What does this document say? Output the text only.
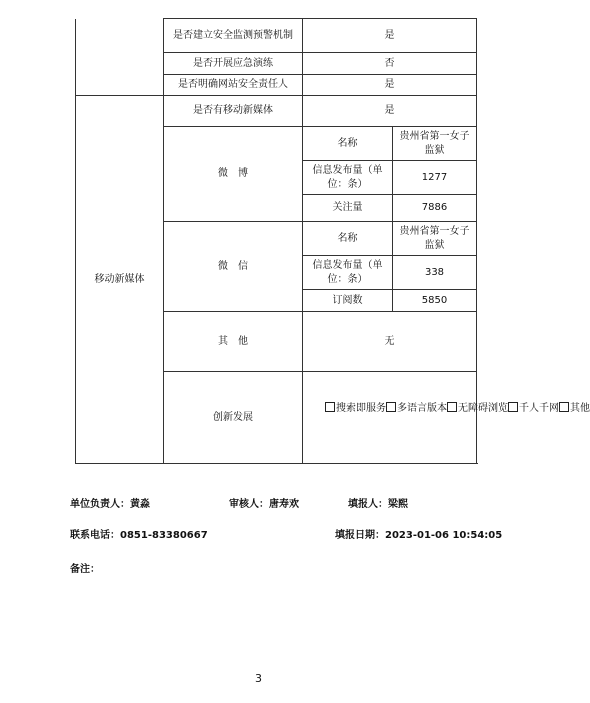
	是否建立安全监测预警机制	是	
	是否开展应急演练	否	
	是否明确网站安全责任人	是	
移动新媒体	是否有移动新媒体	是	
	微　博	名称	贵州省第一女子监狱
		信息发布量（单位：条）	1277
		关注量	7886
	微　信	名称	贵州省第一女子监狱
		信息发布量（单位：条）	338
		订阅数	5850
	其　他	无	
	创新发展	搜索即服务 多语言版本 无障碍浏览 千人千网 其他	
单位负责人：黄淼	审核人：唐寿欢	填报人：梁熙
联系电话：0851-83380667	填报日期：2023-01-06 10:54:05
备注：
3
